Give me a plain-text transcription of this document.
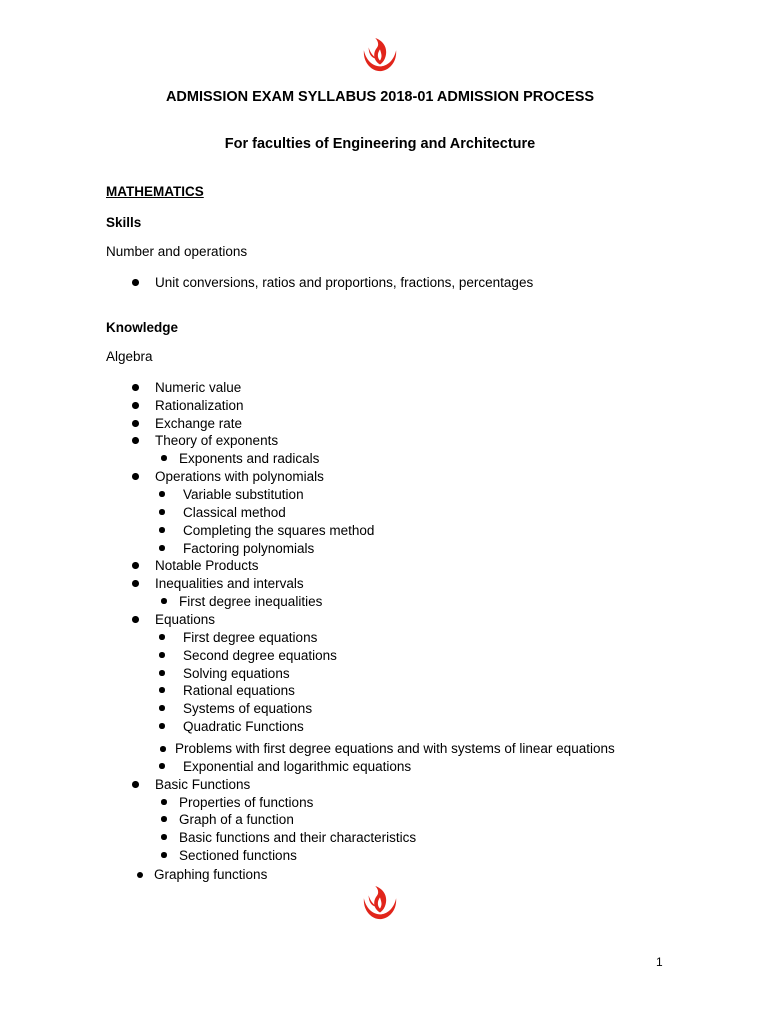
ADMISSION EXAM SYLLABUS 2018-01 ADMISSION PROCESS
For faculties of Engineering and Architecture
MATHEMATICS
Skills
Number and operations
Unit conversions, ratios and proportions, fractions, percentages
Knowledge
Algebra
Numeric value
Rationalization
Exchange rate
Theory of exponents
Exponents and radicals
Operations with polynomials
Variable substitution
Classical method
Completing the squares method
Factoring polynomials
Notable Products
Inequalities and intervals
First degree inequalities
Equations
First degree equations
Second degree equations
Solving equations
Rational equations
Systems of equations
Quadratic Functions
Problems with first degree equations and with systems of linear equations
Exponential and logarithmic equations
Basic Functions
Properties of functions
Graph of a function
Basic functions and their characteristics
Sectioned functions
Graphing functions
1
